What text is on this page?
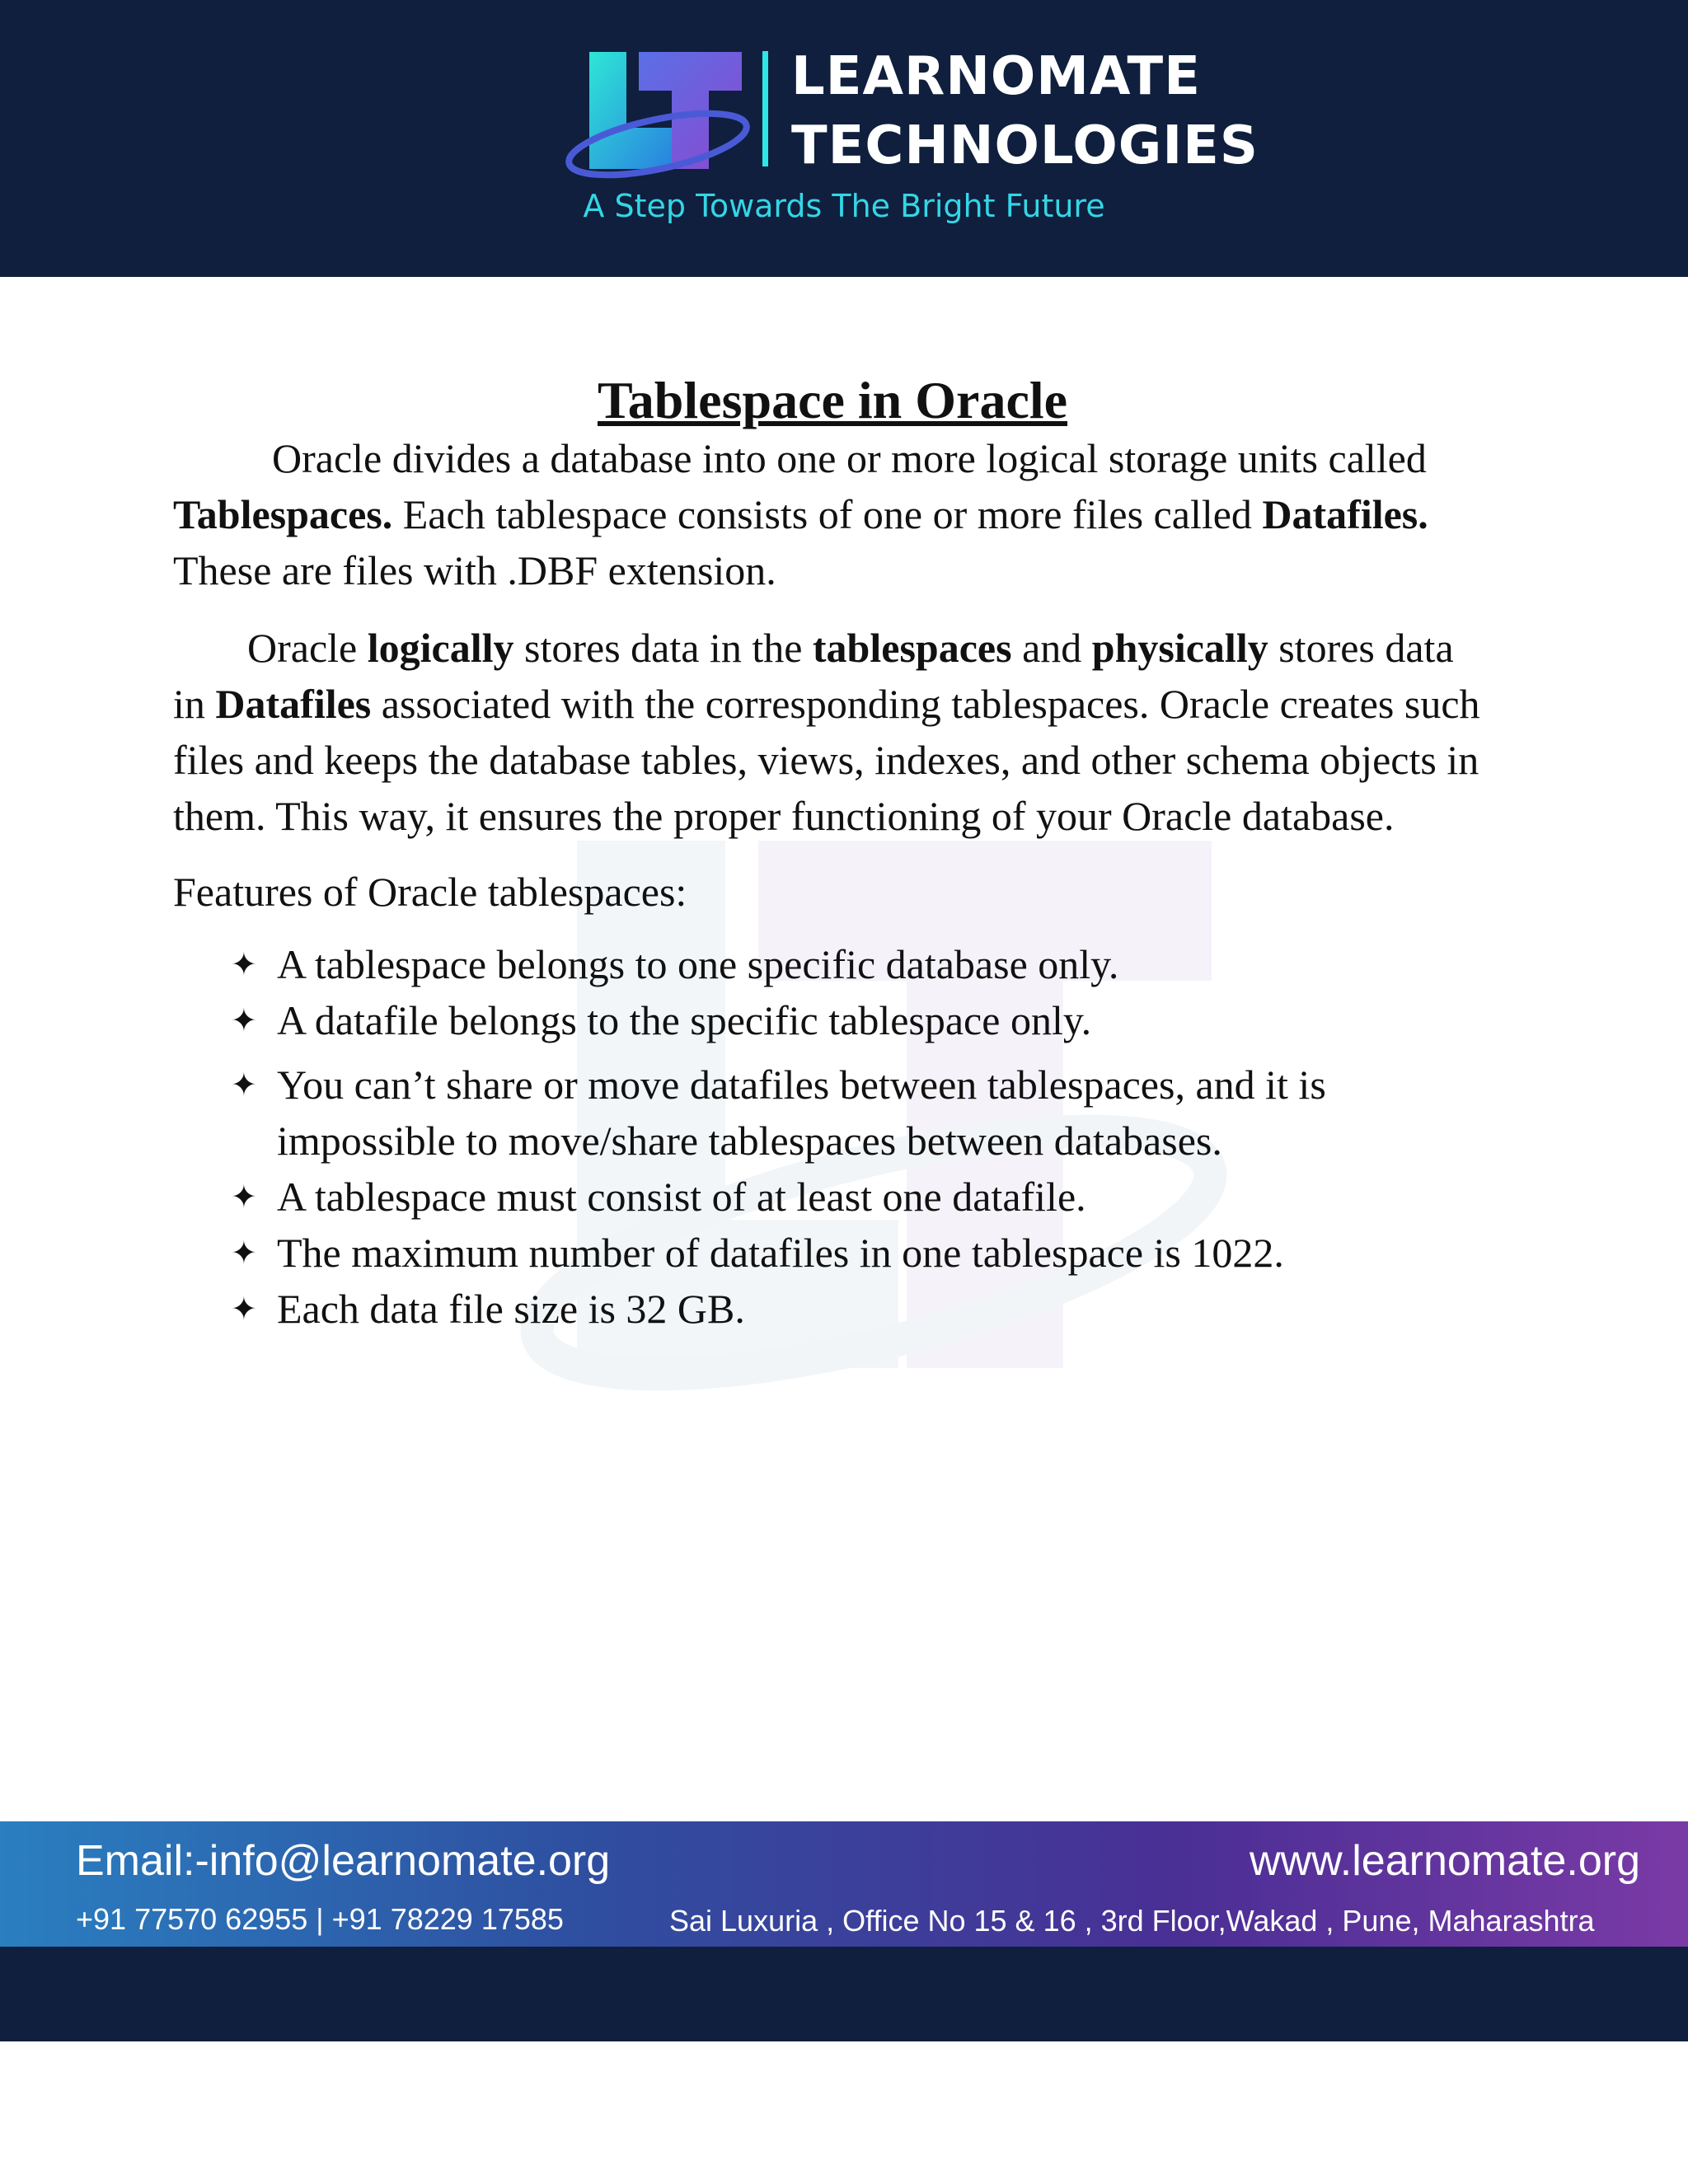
LEARNOMATE
TECHNOLOGIES
A Step Towards The Bright Future
Tablespace in Oracle

Oracle divides a database into one or more logical storage units called Tablespaces. Each tablespace consists of one or more files called Datafiles. These are files with .DBF extension.

Oracle logically stores data in the tablespaces and physically stores data in Datafiles associated with the corresponding tablespaces. Oracle creates such files and keeps the database tables, views, indexes, and other schema objects in them. This way, it ensures the proper functioning of your Oracle database.

Features of Oracle tablespaces:

✦ A tablespace belongs to one specific database only.
✦ A datafile belongs to the specific tablespace only.
✦ You can’t share or move datafiles between tablespaces, and it is impossible to move/share tablespaces between databases.
✦ A tablespace must consist of at least one datafile.
✦ The maximum number of datafiles in one tablespace is 1022.
✦ Each data file size is 32 GB.
Email:-info@learnomate.org	www.learnomate.org
+91 77570 62955 | +91 78229 17585	Sai Luxuria , Office No 15 & 16 , 3rd Floor,Wakad , Pune, Maharashtra
